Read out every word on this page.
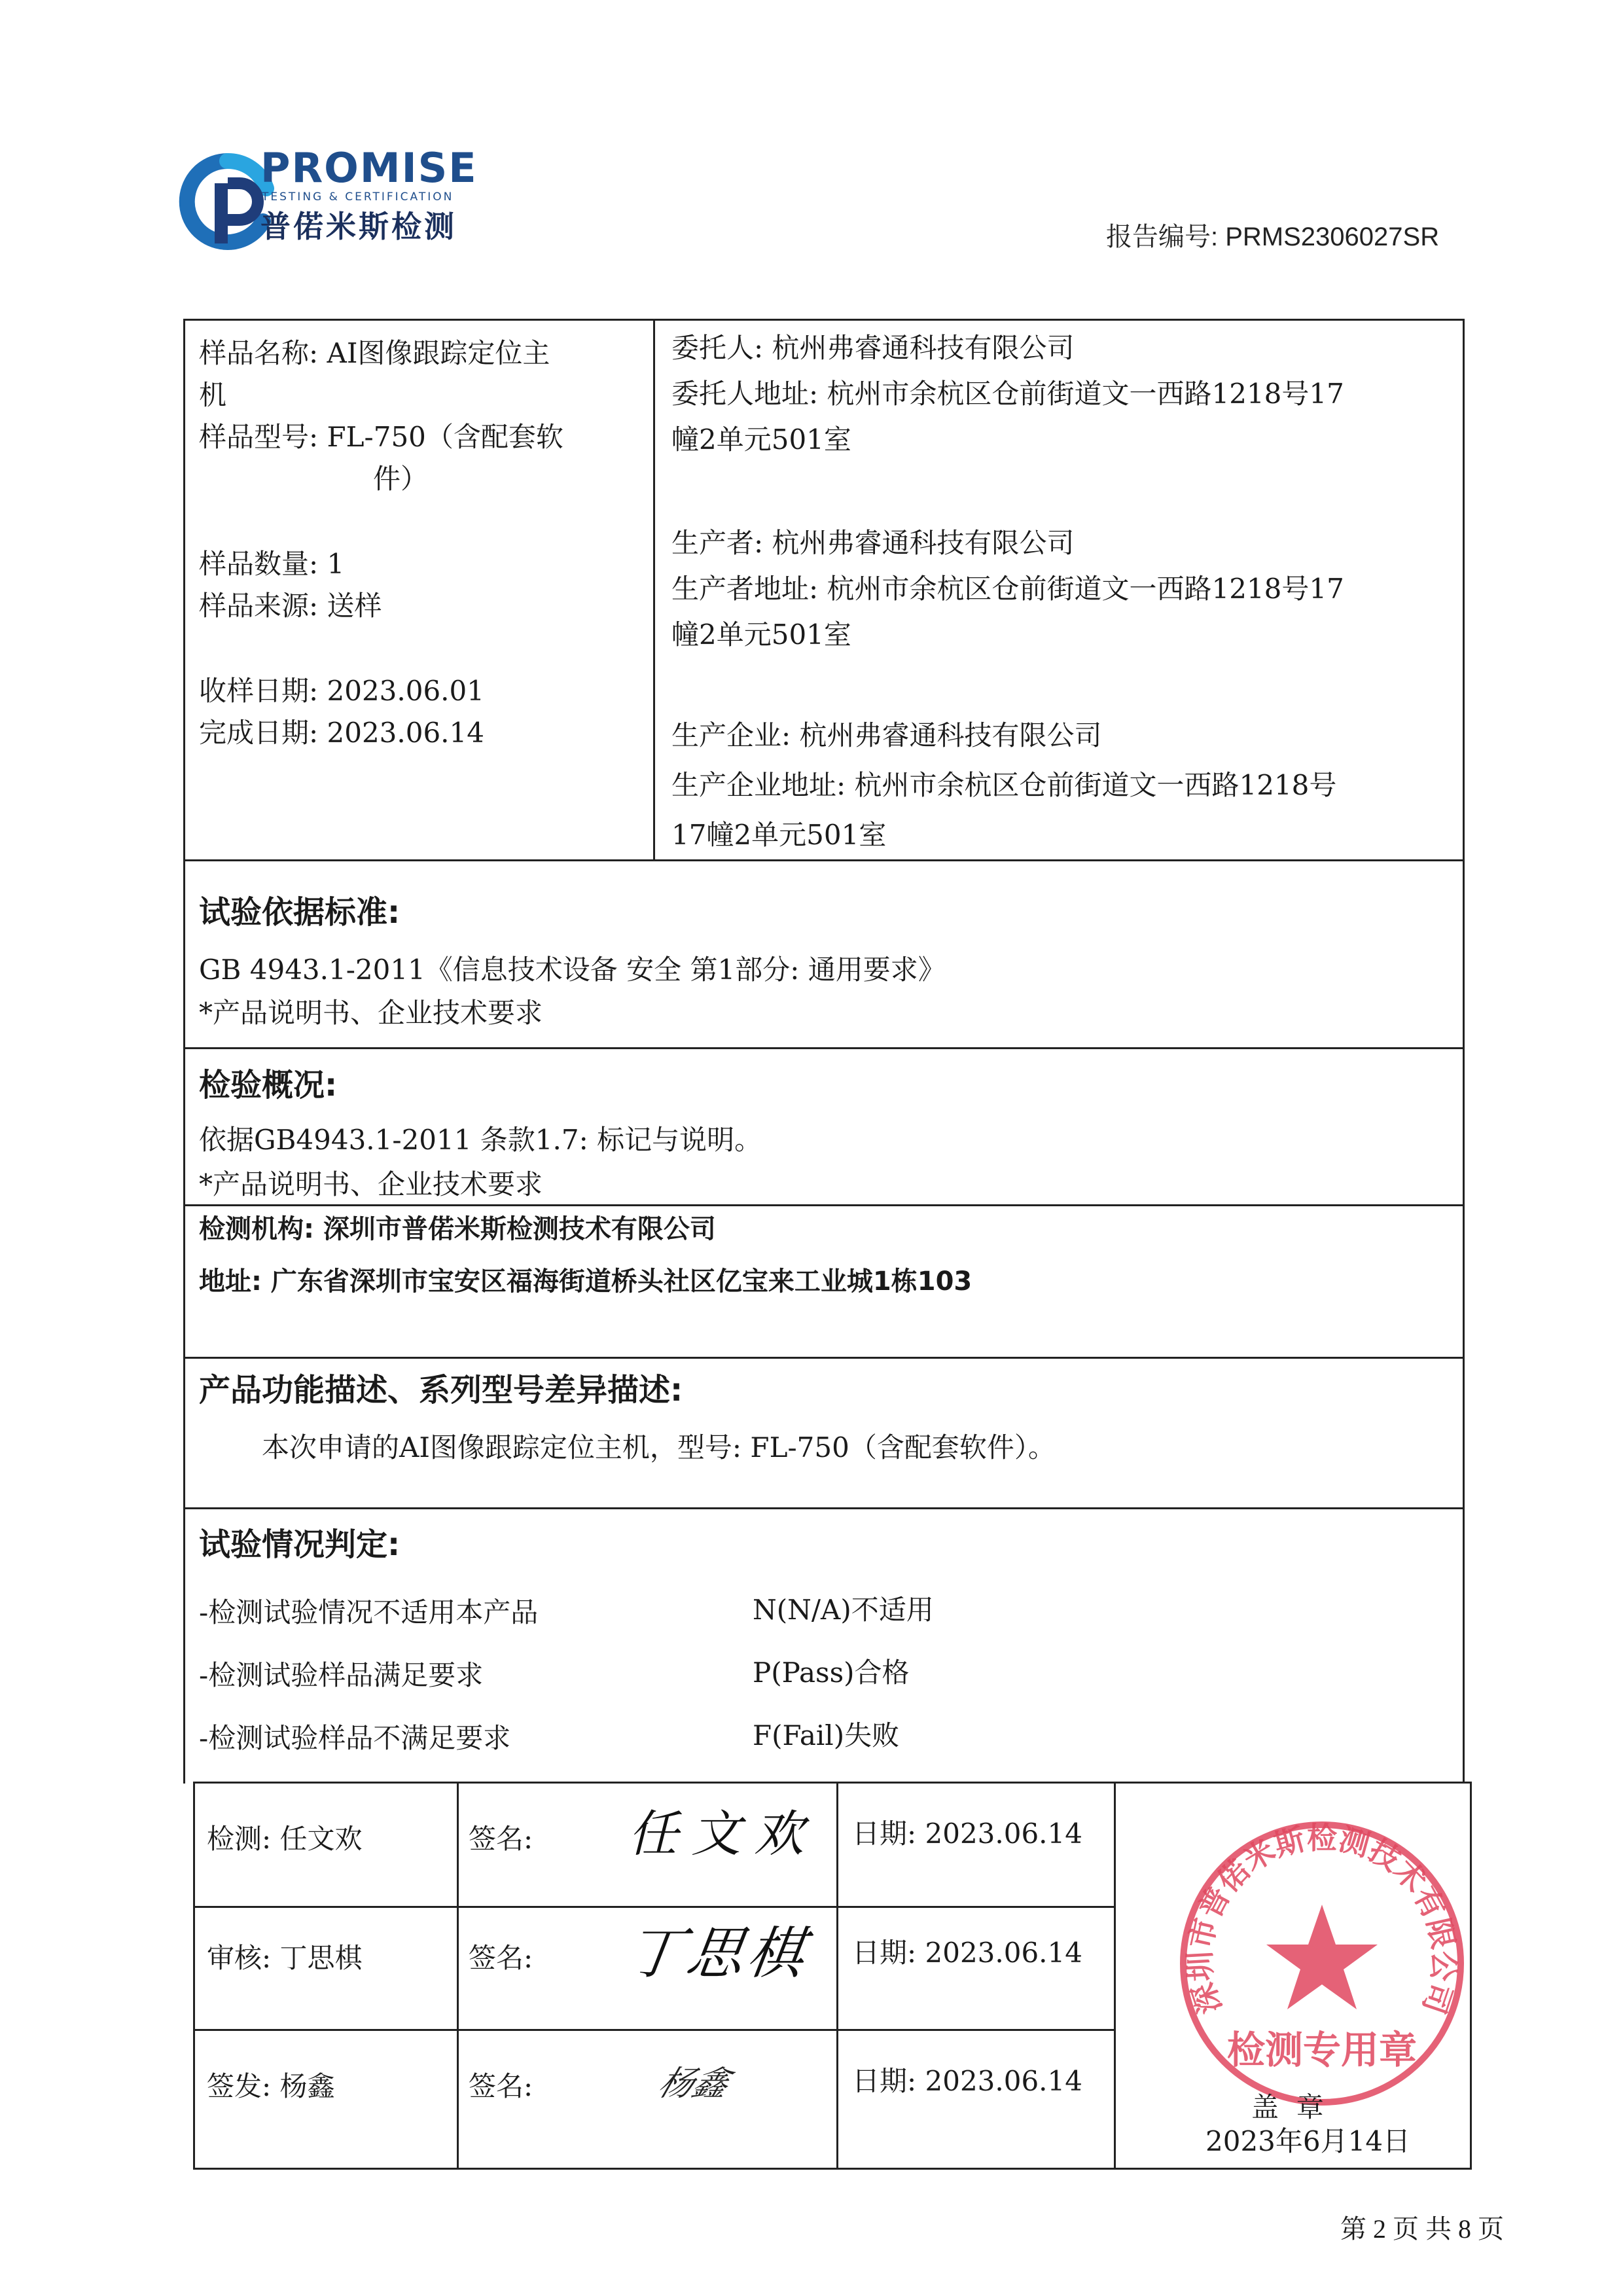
PROMISE
TESTING & CERTIFICATION
普偌米斯检测	报告编号: PRMS2306027SR
样品名称: AI图像跟踪定位主
机
样品型号: FL-750（含配套软
件）
样品数量: 1
样品来源: 送样
收样日期: 2023.06.01
完成日期: 2023.06.14
委托人: 杭州弗睿通科技有限公司
委托人地址: 杭州市余杭区仓前街道文一西路1218号17
幢2单元501室
生产者: 杭州弗睿通科技有限公司
生产者地址: 杭州市余杭区仓前街道文一西路1218号17
幢2单元501室
生产企业: 杭州弗睿通科技有限公司
生产企业地址: 杭州市余杭区仓前街道文一西路1218号
17幢2单元501室
试验依据标准:
GB 4943.1-2011《信息技术设备 安全 第1部分: 通用要求》
*产品说明书、企业技术要求
检验概况:
依据GB4943.1-2011 条款1.7: 标记与说明。
*产品说明书、企业技术要求
检测机构: 深圳市普偌米斯检测技术有限公司
地址: 广东省深圳市宝安区福海街道桥头社区亿宝来工业城1栋103
产品功能描述、系列型号差异描述:
本次申请的AI图像跟踪定位主机，型号: FL-750（含配套软件）。
试验情况判定:
-检测试验情况不适用本产品	N(N/A)不适用
-检测试验样品满足要求	P(Pass)合格
-检测试验样品不满足要求	F(Fail)失败
检测: 任文欢	签名: 任文欢 日期: 2023.06.14
审核: 丁思棋	签名: 丁思棋 日期: 2023.06.14
签发: 杨鑫	签名:	杨鑫	日期: 2023.06.14
深圳市普偌米斯检测技术有限公司
检测专用章
盖  章
2023年6月14日
第 2 页 共 8 页
